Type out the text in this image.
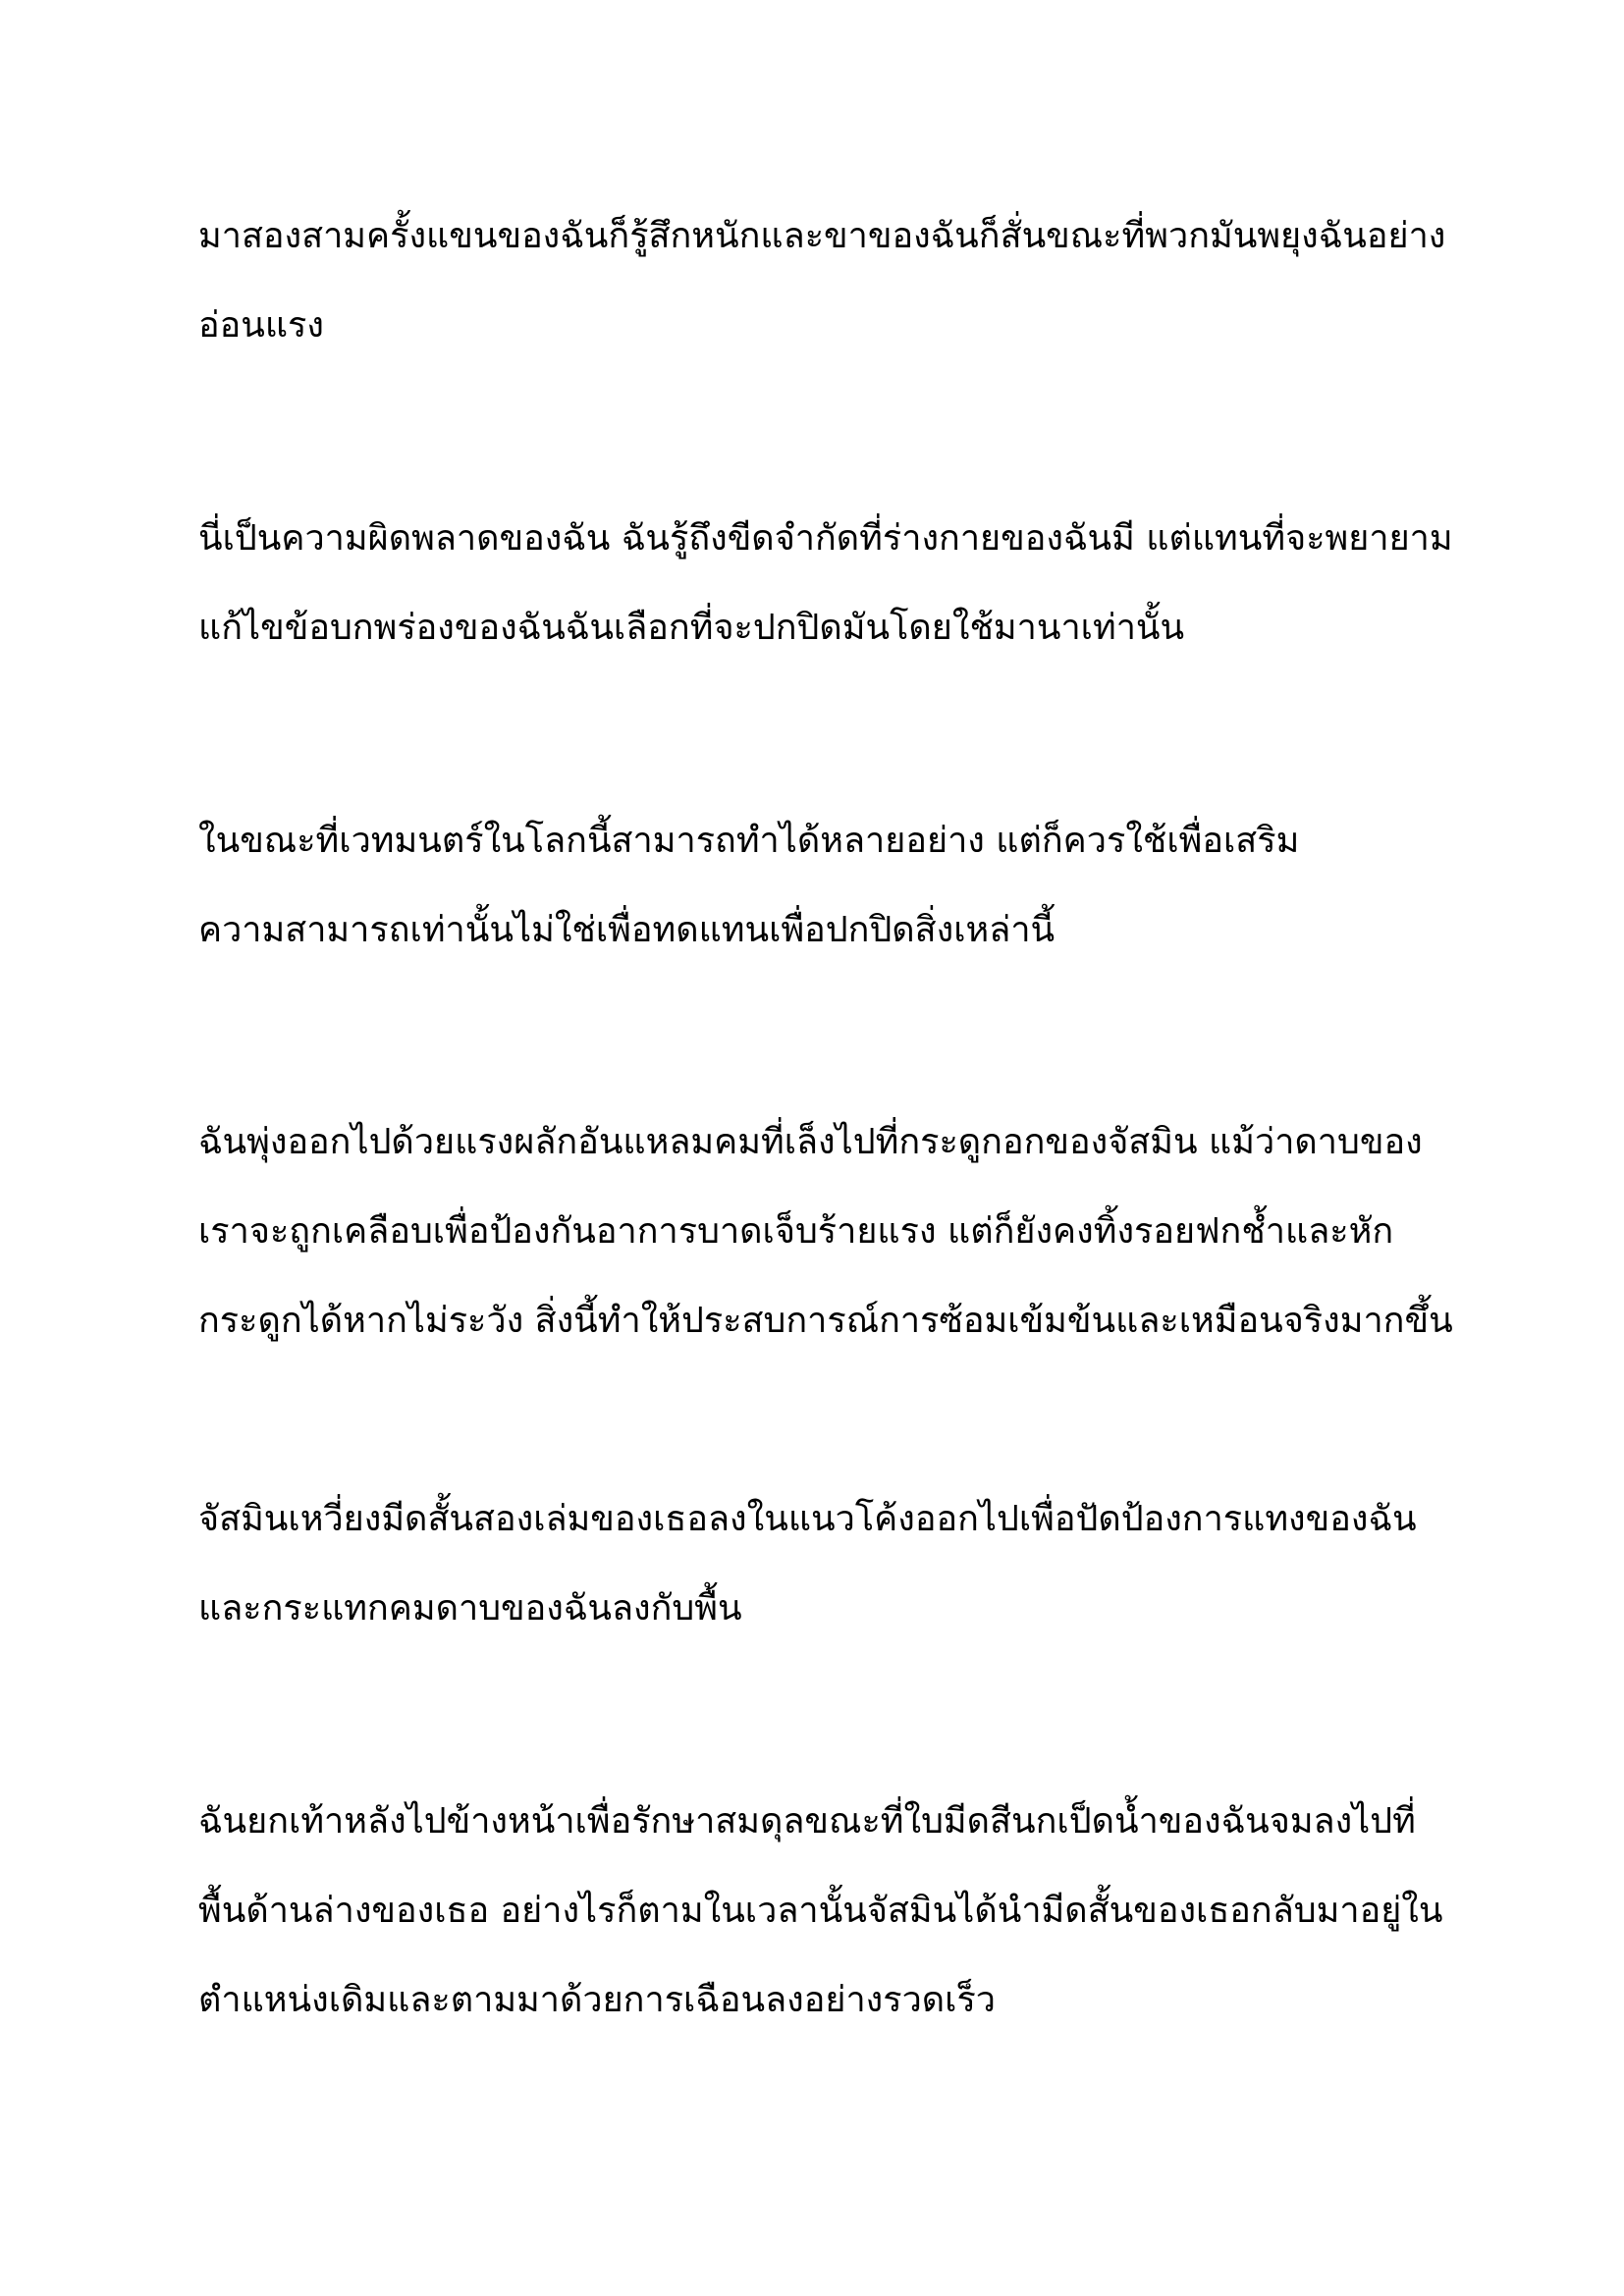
มาสองสามครั้งแขนของฉันก็รู้สึกหนักและขาของฉันก็สั่นขณะที่พวกมันพยุงฉันอย่าง
อ่อนแรง

นี่เป็นความผิดพลาดของฉัน ฉันรู้ถึงขีดจำกัดที่ร่างกายของฉันมี แต่แทนที่จะพยายาม
แก้ไขข้อบกพร่องของฉันฉันเลือกที่จะปกปิดมันโดยใช้มานาเท่านั้น

ในขณะที่เวทมนตร์ในโลกนี้สามารถทำได้หลายอย่าง แต่ก็ควรใช้เพื่อเสริม
ความสามารถเท่านั้นไม่ใช่เพื่อทดแทนเพื่อปกปิดสิ่งเหล่านี้

ฉันพุ่งออกไปด้วยแรงผลักอันแหลมคมที่เล็งไปที่กระดูกอกของจัสมิน แม้ว่าดาบของ
เราจะถูกเคลือบเพื่อป้องกันอาการบาดเจ็บร้ายแรง แต่ก็ยังคงทิ้งรอยฟกช้ำและหัก
กระดูกได้หากไม่ระวัง สิ่งนี้ทำให้ประสบการณ์การซ้อมเข้มข้นและเหมือนจริงมากขึ้น

จัสมินเหวี่ยงมีดสั้นสองเล่มของเธอลงในแนวโค้งออกไปเพื่อปัดป้องการแทงของฉัน
และกระแทกคมดาบของฉันลงกับพื้น

ฉันยกเท้าหลังไปข้างหน้าเพื่อรักษาสมดุลขณะที่ใบมีดสีนกเป็ดน้ำของฉันจมลงไปที่
พื้นด้านล่างของเธอ อย่างไรก็ตามในเวลานั้นจัสมินได้นำมีดสั้นของเธอกลับมาอยู่ใน
ตำแหน่งเดิมและตามมาด้วยการเฉือนลงอย่างรวดเร็ว
